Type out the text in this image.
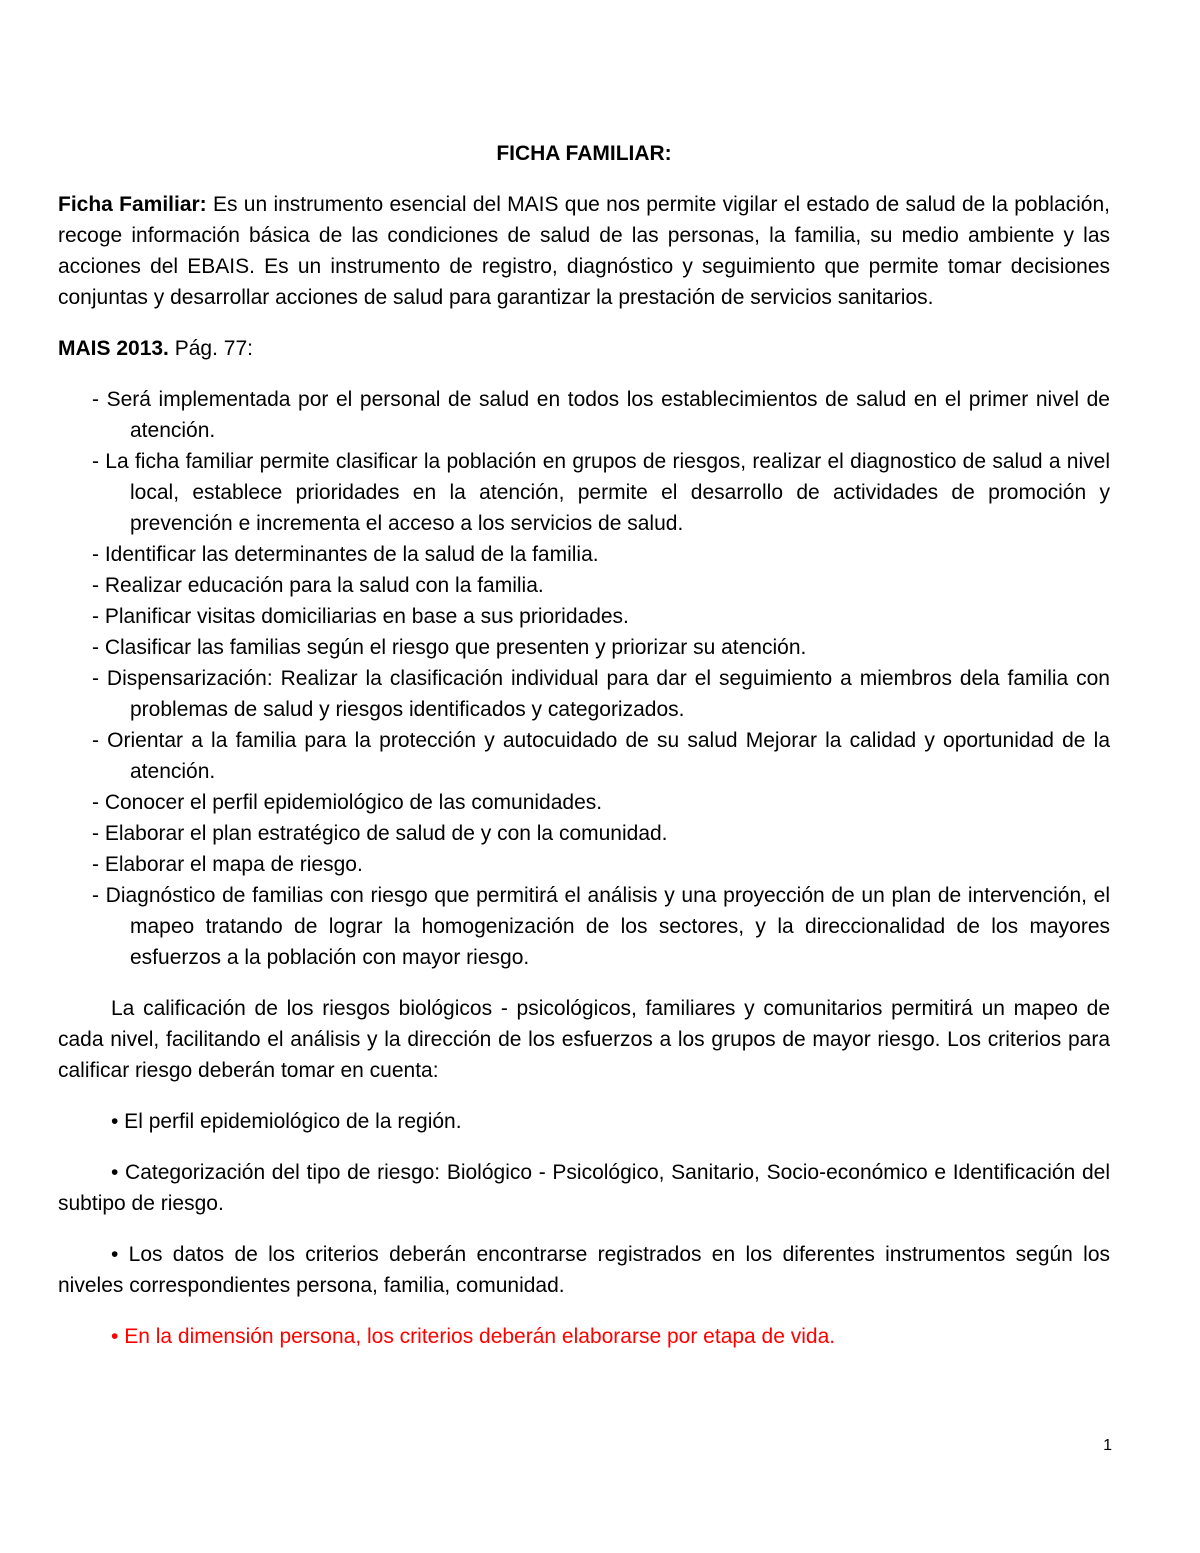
FICHA FAMILIAR:

Ficha Familiar: Es un instrumento esencial del MAIS que nos permite vigilar el estado de salud de la población, recoge información básica de las condiciones de salud de las personas, la familia, su medio ambiente y las acciones del EBAIS. Es un instrumento de registro, diagnóstico y seguimiento que permite tomar decisiones conjuntas y desarrollar acciones de salud para garantizar la prestación de servicios sanitarios.

MAIS 2013. Pág. 77:

- Será implementada por el personal de salud en todos los establecimientos de salud en el primer nivel de atención.
- La ficha familiar permite clasificar la población en grupos de riesgos, realizar el diagnostico de salud a nivel local, establece prioridades en la atención, permite el desarrollo de actividades de promoción y prevención e incrementa el acceso a los servicios de salud.
- Identificar las determinantes de la salud de la familia.
- Realizar educación para la salud con la familia.
- Planificar visitas domiciliarias en base a sus prioridades.
- Clasificar las familias según el riesgo que presenten y priorizar su atención.
- Dispensarización: Realizar la clasificación individual para dar el seguimiento a miembros dela familia con problemas de salud y riesgos identificados y categorizados.
- Orientar a la familia para la protección y autocuidado de su salud Mejorar la calidad y oportunidad de la atención.
- Conocer el perfil epidemiológico de las comunidades.
- Elaborar el plan estratégico de salud de y con la comunidad.
- Elaborar el mapa de riesgo.
- Diagnóstico de familias con riesgo que permitirá el análisis y una proyección de un plan de intervención, el mapeo tratando de lograr la homogenización de los sectores, y la direccionalidad de los mayores esfuerzos a la población con mayor riesgo.

La calificación de los riesgos biológicos - psicológicos, familiares y comunitarios permitirá un mapeo de cada nivel, facilitando el análisis y la dirección de los esfuerzos a los grupos de mayor riesgo. Los criterios para calificar riesgo deberán tomar en cuenta:

• El perfil epidemiológico de la región.

• Categorización del tipo de riesgo: Biológico - Psicológico, Sanitario, Socio-económico e Identificación del subtipo de riesgo.

• Los datos de los criterios deberán encontrarse registrados en los diferentes instrumentos según los niveles correspondientes persona, familia, comunidad.

• En la dimensión persona, los criterios deberán elaborarse por etapa de vida.

1
